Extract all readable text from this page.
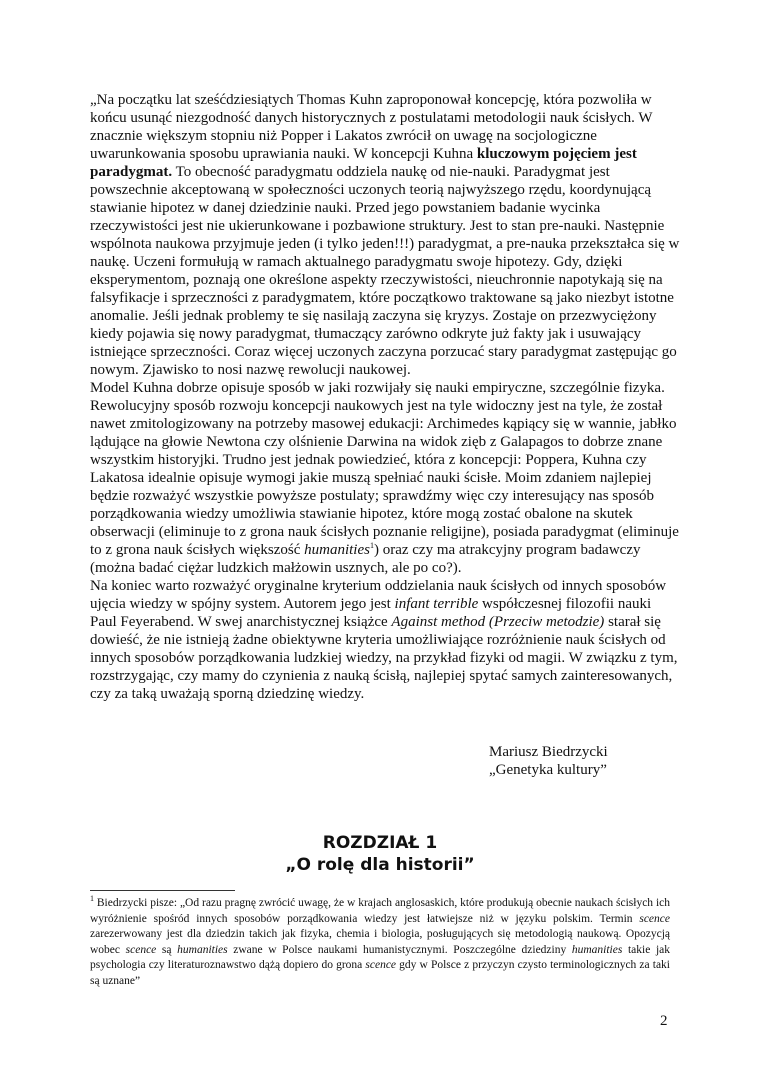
„Na początku lat sześćdziesiątych Thomas Kuhn zaproponował koncepcję, która pozwoliła w końcu usunąć niezgodność danych historycznych z postulatami metodologii nauk ścisłych. W znacznie większym stopniu niż Popper i Lakatos zwrócił on uwagę na socjologiczne uwarunkowania sposobu uprawiania nauki. W koncepcji Kuhna kluczowym pojęciem jest paradygmat. To obecność paradygmatu oddziela naukę od nie-nauki. Paradygmat jest powszechnie akceptowaną w społeczności uczonych teorią najwyższego rzędu, koordynującą stawianie hipotez w danej dziedzinie nauki. Przed jego powstaniem badanie wycinka rzeczywistości jest nie ukierunkowane i pozbawione struktury. Jest to stan pre-nauki. Następnie wspólnota naukowa przyjmuje jeden (i tylko jeden!!!) paradygmat, a pre-nauka przekształca się w naukę. Uczeni formułują w ramach aktualnego paradygmatu swoje hipotezy. Gdy, dzięki eksperymentom, poznają one określone aspekty rzeczywistości, nieuchronnie napotykają się na falsyfikacje i sprzeczności z paradygmatem, które początkowo traktowane są jako niezbyt istotne anomalie. Jeśli jednak problemy te się nasilają zaczyna się kryzys. Zostaje on przezwyciężony kiedy pojawia się nowy paradygmat, tłumaczący zarówno odkryte już fakty jak i usuwający istniejące sprzeczności. Coraz więcej uczonych zaczyna porzucać stary paradygmat zastępując go nowym. Zjawisko to nosi nazwę rewolucji naukowej.

Model Kuhna dobrze opisuje sposób w jaki rozwijały się nauki empiryczne, szczególnie fizyka. Rewolucyjny sposób rozwoju koncepcji naukowych jest na tyle widoczny jest na tyle, że został nawet zmitologizowany na potrzeby masowej edukacji: Archimedes kąpiący się w wannie, jabłko lądujące na głowie Newtona czy olśnienie Darwina na widok zięb z Galapagos to dobrze znane wszystkim historyjki. Trudno jest jednak powiedzieć, która z koncepcji: Poppera, Kuhna czy Lakatosa idealnie opisuje wymogi jakie muszą spełniać nauki ścisłe. Moim zdaniem najlepiej będzie rozważyć wszystkie powyższe postulaty; sprawdźmy więc czy interesujący nas sposób porządkowania wiedzy umożliwia stawianie hipotez, które mogą zostać obalone na skutek obserwacji (eliminuje to z grona nauk ścisłych poznanie religijne), posiada paradygmat (eliminuje to z grona nauk ścisłych większość humanities$^1$) oraz czy ma atrakcyjny program badawczy (można badać ciężar ludzkich małżowin usznych, ale po co?).

Na koniec warto rozważyć oryginalne kryterium oddzielania nauk ścisłych od innych sposobów ujęcia wiedzy w spójny system. Autorem jego jest infant terrible współczesnej filozofii nauki Paul Feyerabend. W swej anarchistycznej książce Against method (Przeciw metodzie) starał się dowieść, że nie istnieją żadne obiektywne kryteria umożliwiające rozróżnienie nauk ścisłych od innych sposobów porządkowania ludzkiej wiedzy, na przykład fizyki od magii. W związku z tym, rozstrzygając, czy mamy do czynienia z nauką ścisłą, najlepiej spytać samych zainteresowanych, czy za taką uważają sporną dziedzinę wiedzy.

Mariusz Biedrzycki
„Genetyka kultury”
ROZDZIAŁ 1
„O rolę dla historii”

$^1$ Biedrzycki pisze: „Od razu pragnę zwrócić uwagę, że w krajach anglosaskich, które produkują obecnie naukach ścisłych ich wyróżnienie spośród innych sposobów porządkowania wiedzy jest łatwiejsze niż w języku polskim. Termin scence zarezerwowany jest dla dziedzin takich jak fizyka, chemia i biologia, posługujących się metodologią naukową. Opozycją wobec scence są humanities zwane w Polsce naukami humanistycznymi. Poszczególne dziedziny humanities takie jak psychologia czy literaturoznawstwo dążą dopiero do grona scence gdy w Polsce z przyczyn czysto terminologicznych za taki są uznane”

2
